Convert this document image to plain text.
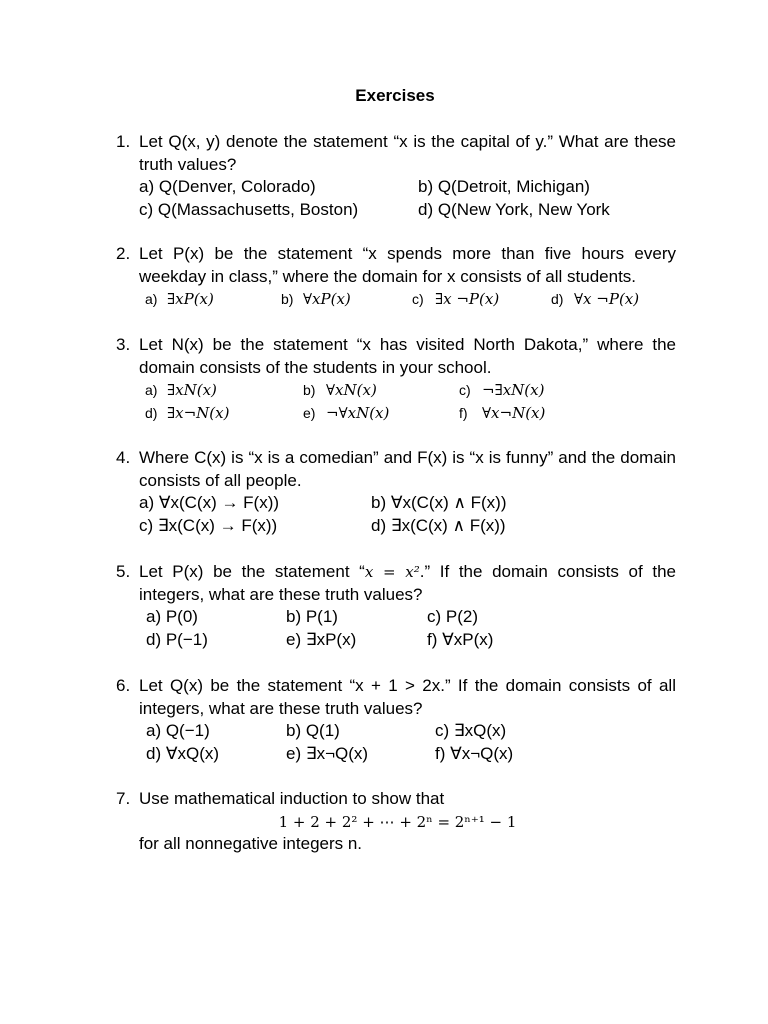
Exercises
1. Let Q(x, y) denote the statement “x is the capital of y.” What are these truth values?
a) Q(Denver, Colorado)	b) Q(Detroit, Michigan)
c) Q(Massachusetts, Boston)	d) Q(New York, New York
2. Let P(x) be the statement “x spends more than five hours every weekday in class,” where the domain for x consists of all students.
a) ∃xP(x)	b) ∀xP(x)	c) ∃x ¬P(x)	d) ∀x ¬P(x)
3. Let N(x) be the statement “x has visited North Dakota,” where the domain consists of the students in your school.
a) ∃xN(x)	b) ∀xN(x)	c) ¬∃xN(x)
d) ∃x¬N(x)	e) ¬∀xN(x)	f) ∀x¬N(x)
4. Where C(x) is “x is a comedian” and F(x) is “x is funny” and the domain consists of all people.
a) ∀x(C(x) → F(x))	b) ∀x(C(x) ∧ F(x))
c) ∃x(C(x) → F(x))	d) ∃x(C(x) ∧ F(x))
5. Let P(x) be the statement “x = x².” If the domain consists of the integers, what are these truth values?
a) P(0)	b) P(1)	c) P(2)
d) P(−1)	e) ∃xP(x)	f) ∀xP(x)
6. Let Q(x) be the statement “x + 1 > 2x.” If the domain consists of all integers, what are these truth values?
a) Q(−1)	b) Q(1)	c) ∃xQ(x)
d) ∀xQ(x)	e) ∃x¬Q(x)	f) ∀x¬Q(x)
7. Use mathematical induction to show that
1 + 2 + 2² + ⋯ + 2ⁿ = 2ⁿ⁺¹ − 1
for all nonnegative integers n.
